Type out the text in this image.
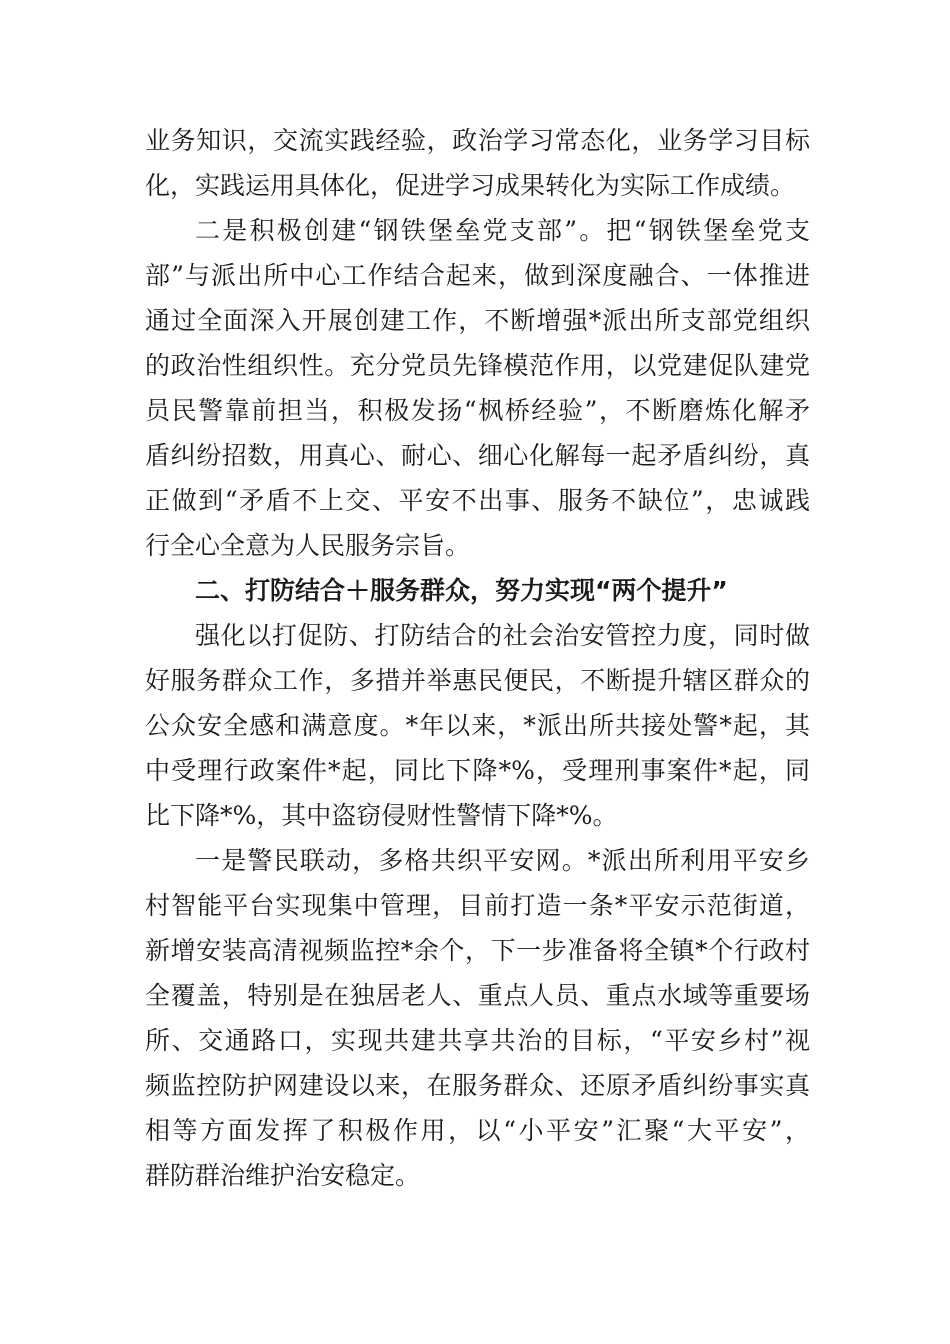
业务知识，交流实践经验，政治学习常态化，业务学习目标
化，实践运用具体化，促进学习成果转化为实际工作成绩。
二是积极创建“钢铁堡垒党支部”。把“钢铁堡垒党支
部”与派出所中心工作结合起来，做到深度融合、一体推进
通过全面深入开展创建工作，不断增强*派出所支部党组织
的政治性组织性。充分党员先锋模范作用，以党建促队建党
员民警靠前担当，积极发扬“枫桥经验”，不断磨炼化解矛
盾纠纷招数，用真心、耐心、细心化解每一起矛盾纠纷，真
正做到“矛盾不上交、平安不出事、服务不缺位”，忠诚践
行全心全意为人民服务宗旨。
二、打防结合＋服务群众，努力实现“两个提升”
强化以打促防、打防结合的社会治安管控力度，同时做
好服务群众工作，多措并举惠民便民，不断提升辖区群众的
公众安全感和满意度。*年以来，*派出所共接处警*起，其
中受理行政案件*起，同比下降*%，受理刑事案件*起，同
比下降*%，其中盗窃侵财性警情下降*%。
一是警民联动，多格共织平安网。*派出所利用平安乡
村智能平台实现集中管理，目前打造一条*平安示范街道，
新增安装高清视频监控*余个，下一步准备将全镇*个行政村
全覆盖，特别是在独居老人、重点人员、重点水域等重要场
所、交通路口，实现共建共享共治的目标，“平安乡村”视
频监控防护网建设以来，在服务群众、还原矛盾纠纷事实真
相等方面发挥了积极作用，以“小平安”汇聚“大平安”，
群防群治维护治安稳定。
